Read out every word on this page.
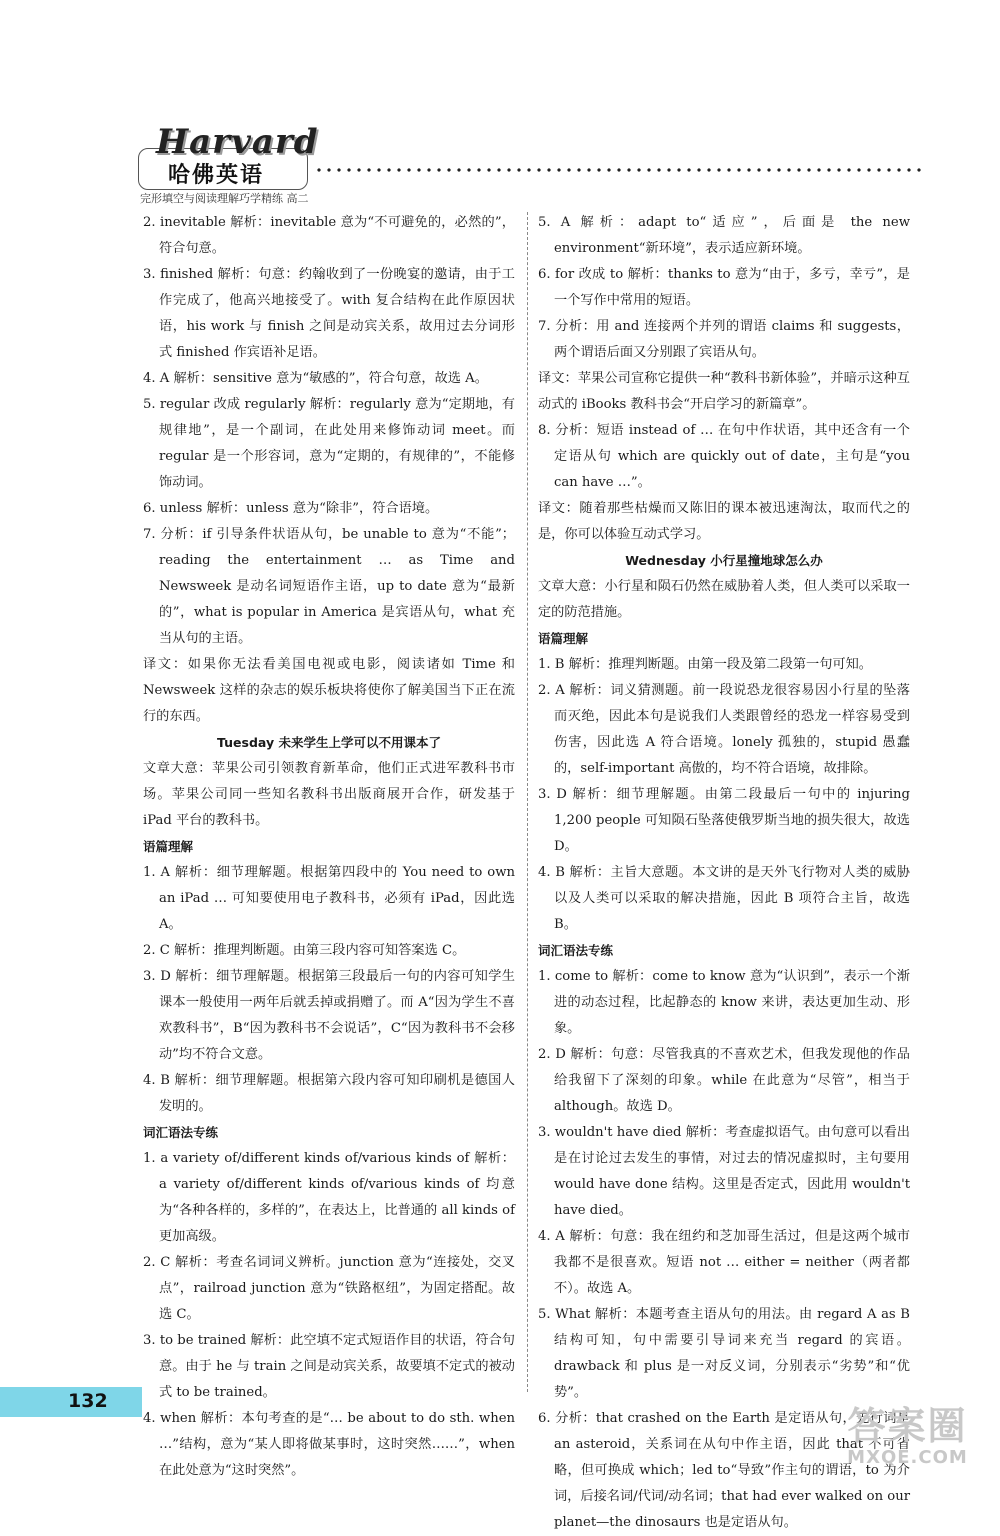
Harvard
哈佛英语
完形填空与阅读理解巧学精练 高二

2. inevitable 解析：inevitable 意为“不可避免的，必然的”，符合句意。

3. finished 解析：句意：约翰收到了一份晚宴的邀请，由于工作完成了，他高兴地接受了。with 复合结构在此作原因状语，his work 与 finish 之间是动宾关系，故用过去分词形式 finished 作宾语补足语。

4. A 解析：sensitive 意为“敏感的”，符合句意，故选 A。

5. regular 改成 regularly 解析：regularly 意为“定期地，有规律地”，是一个副词，在此处用来修饰动词 meet。而 regular 是一个形容词，意为“定期的，有规律的”，不能修饰动词。

6. unless 解析：unless 意为“除非”，符合语境。

7. 分析：if 引导条件状语从句，be unable to 意为“不能”；reading the entertainment … as Time and Newsweek 是动名词短语作主语，up to date 意为“最新的”，what is popular in America 是宾语从句，what 充当从句的主语。

译文：如果你无法看美国电视或电影，阅读诸如 Time 和 Newsweek 这样的杂志的娱乐板块将使你了解美国当下正在流行的东西。

Tuesday 未来学生上学可以不用课本了

文章大意：苹果公司引领教育新革命，他们正式进军教科书市场。苹果公司同一些知名教科书出版商展开合作，研发基于 iPad 平台的教科书。

语篇理解

1. A 解析：细节理解题。根据第四段中的 You need to own an iPad … 可知要使用电子教科书，必须有 iPad，因此选 A。

2. C 解析：推理判断题。由第三段内容可知答案选 C。

3. D 解析：细节理解题。根据第三段最后一句的内容可知学生课本一般使用一两年后就丢掉或捐赠了。而 A“因为学生不喜欢教科书”，B“因为教科书不会说话”，C“因为教科书不会移动”均不符合文意。

4. B 解析：细节理解题。根据第六段内容可知印刷机是德国人发明的。

词汇语法专练

1. a variety of/different kinds of/various kinds of 解析：a variety of/different kinds of/various kinds of 均意为“各种各样的，多样的”，在表达上，比普通的 all kinds of 更加高级。

2. C 解析：考查名词词义辨析。junction 意为“连接处，交叉点”，railroad junction 意为“铁路枢纽”，为固定搭配。故选 C。

3. to be trained 解析：此空填不定式短语作目的状语，符合句意。由于 he 与 train 之间是动宾关系，故要填不定式的被动式 to be trained。

4. when 解析：本句考查的是“… be about to do sth. when …”结构，意为“某人即将做某事时，这时突然……”，when 在此处意为“这时突然”。

5. A 解析：adapt to“适应”，后面是 the new environment“新环境”，表示适应新环境。

6. for 改成 to 解析：thanks to 意为“由于，多亏，幸亏”，是一个写作中常用的短语。

7. 分析：用 and 连接两个并列的谓语 claims 和 suggests，两个谓语后面又分别跟了宾语从句。

译文：苹果公司宣称它提供一种“教科书新体验”，并暗示这种互动式的 iBooks 教科书会“开启学习的新篇章”。

8. 分析：短语 instead of … 在句中作状语，其中还含有一个定语从句 which are quickly out of date，主句是“you can have …”。

译文：随着那些枯燥而又陈旧的课本被迅速淘汰，取而代之的是，你可以体验互动式学习。

Wednesday 小行星撞地球怎么办

文章大意：小行星和陨石仍然在威胁着人类，但人类可以采取一定的防范措施。

语篇理解

1. B 解析：推理判断题。由第一段及第二段第一句可知。

2. A 解析：词义猜测题。前一段说恐龙很容易因小行星的坠落而灭绝，因此本句是说我们人类跟曾经的恐龙一样容易受到伤害，因此选 A 符合语境。lonely 孤独的，stupid 愚蠢的，self-important 高傲的，均不符合语境，故排除。

3. D 解析：细节理解题。由第二段最后一句中的 injuring 1,200 people 可知陨石坠落使俄罗斯当地的损失很大，故选 D。

4. B 解析：主旨大意题。本文讲的是天外飞行物对人类的威胁以及人类可以采取的解决措施，因此 B 项符合主旨，故选 B。

词汇语法专练

1. come to 解析：come to know 意为“认识到”，表示一个渐进的动态过程，比起静态的 know 来讲，表达更加生动、形象。

2. D 解析：句意：尽管我真的不喜欢艺术，但我发现他的作品给我留下了深刻的印象。while 在此意为“尽管”，相当于 although。故选 D。

3. wouldn't have died 解析：考查虚拟语气。由句意可以看出是在讨论过去发生的事情，对过去的情况虚拟时，主句要用 would have done 结构。这里是否定式，因此用 wouldn't have died。

4. A 解析：句意：我在纽约和芝加哥生活过，但是这两个城市我都不是很喜欢。短语 not … either = neither（两者都不）。故选 A。

5. What 解析：本题考查主语从句的用法。由 regard A as B 结构可知，句中需要引导词来充当 regard 的宾语。drawback 和 plus 是一对反义词，分别表示“劣势”和“优势”。

6. 分析：that crashed on the Earth 是定语从句，先行词是 an asteroid，关系词在从句中作主语，因此 that 不可省略，但可换成 which；led to“导致”作主句的谓语，to 为介词，后接名词/代词/动名词；that had ever walked on our planet—the dinosaurs 也是定语从句。

132
答案圈
MXQE.COM
